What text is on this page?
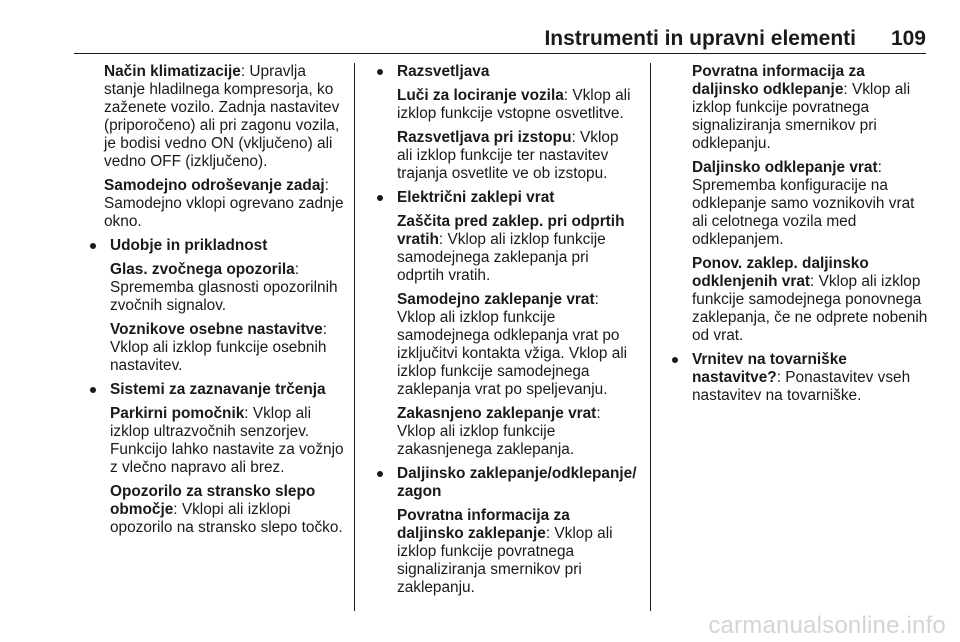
Instrumenti in upravni elementi 109

Način klimatizacije: Upravlja stanje hladilnega kompresorja, ko zaženete vozilo. Zadnja nastavitev (priporočeno) ali pri zagonu vozila, je bodisi vedno ON (vključeno) ali vedno OFF (izključeno).

Samodejno odroševanje zadaj: Samodejno vklopi ogrevano zadnje okno.

Udobje in prikladnost

Glas. zvočnega opozorila: Sprememba glasnosti opozorilnih zvočnih signalov.

Voznikove osebne nastavitve: Vklop ali izklop funkcije osebnih nastavitev.

Sistemi za zaznavanje trčenja

Parkirni pomočnik: Vklop ali izklop ultrazvočnih senzorjev. Funkcijo lahko nastavite za vožnjo z vlečno napravo ali brez.

Opozorilo za stransko slepo območje: Vklopi ali izklopi opozorilo na stransko slepo točko.

Razsvetljava

Luči za lociranje vozila: Vklop ali izklop funkcije vstopne osvetlitve.

Razsvetljava pri izstopu: Vklop ali izklop funkcije ter nastavitev trajanja osvetlite ve ob izstopu.

Električni zaklepi vrat

Zaščita pred zaklep. pri odprtih vratih: Vklop ali izklop funkcije samodejnega zaklepanja pri odprtih vratih.

Samodejno zaklepanje vrat: Vklop ali izklop funkcije samodejnega odklepanja vrat po izključitvi kontakta vžiga. Vklop ali izklop funkcije samodejnega zaklepanja vrat po speljevanju.

Zakasnjeno zaklepanje vrat: Vklop ali izklop funkcije zakasnjenega zaklepanja.

Daljinsko zaklepanje/odklepanje/ zagon

Povratna informacija za daljinsko zaklepanje: Vklop ali izklop funkcije povratnega signaliziranja smernikov pri zaklepanju.

Povratna informacija za daljinsko odklepanje: Vklop ali izklop funkcije povratnega signaliziranja smernikov pri odklepanju.

Daljinsko odklepanje vrat: Sprememba konfiguracije na odklepanje samo voznikovih vrat ali celotnega vozila med odklepanjem.

Ponov. zaklep. daljinsko odklenjenih vrat: Vklop ali izklop funkcije samodejnega ponovnega zaklepanja, če ne odprete nobenih od vrat.

Vrnitev na tovarniške nastavitve?: Ponastavitev vseh nastavitev na tovarniške.

carmanualsonline.info
